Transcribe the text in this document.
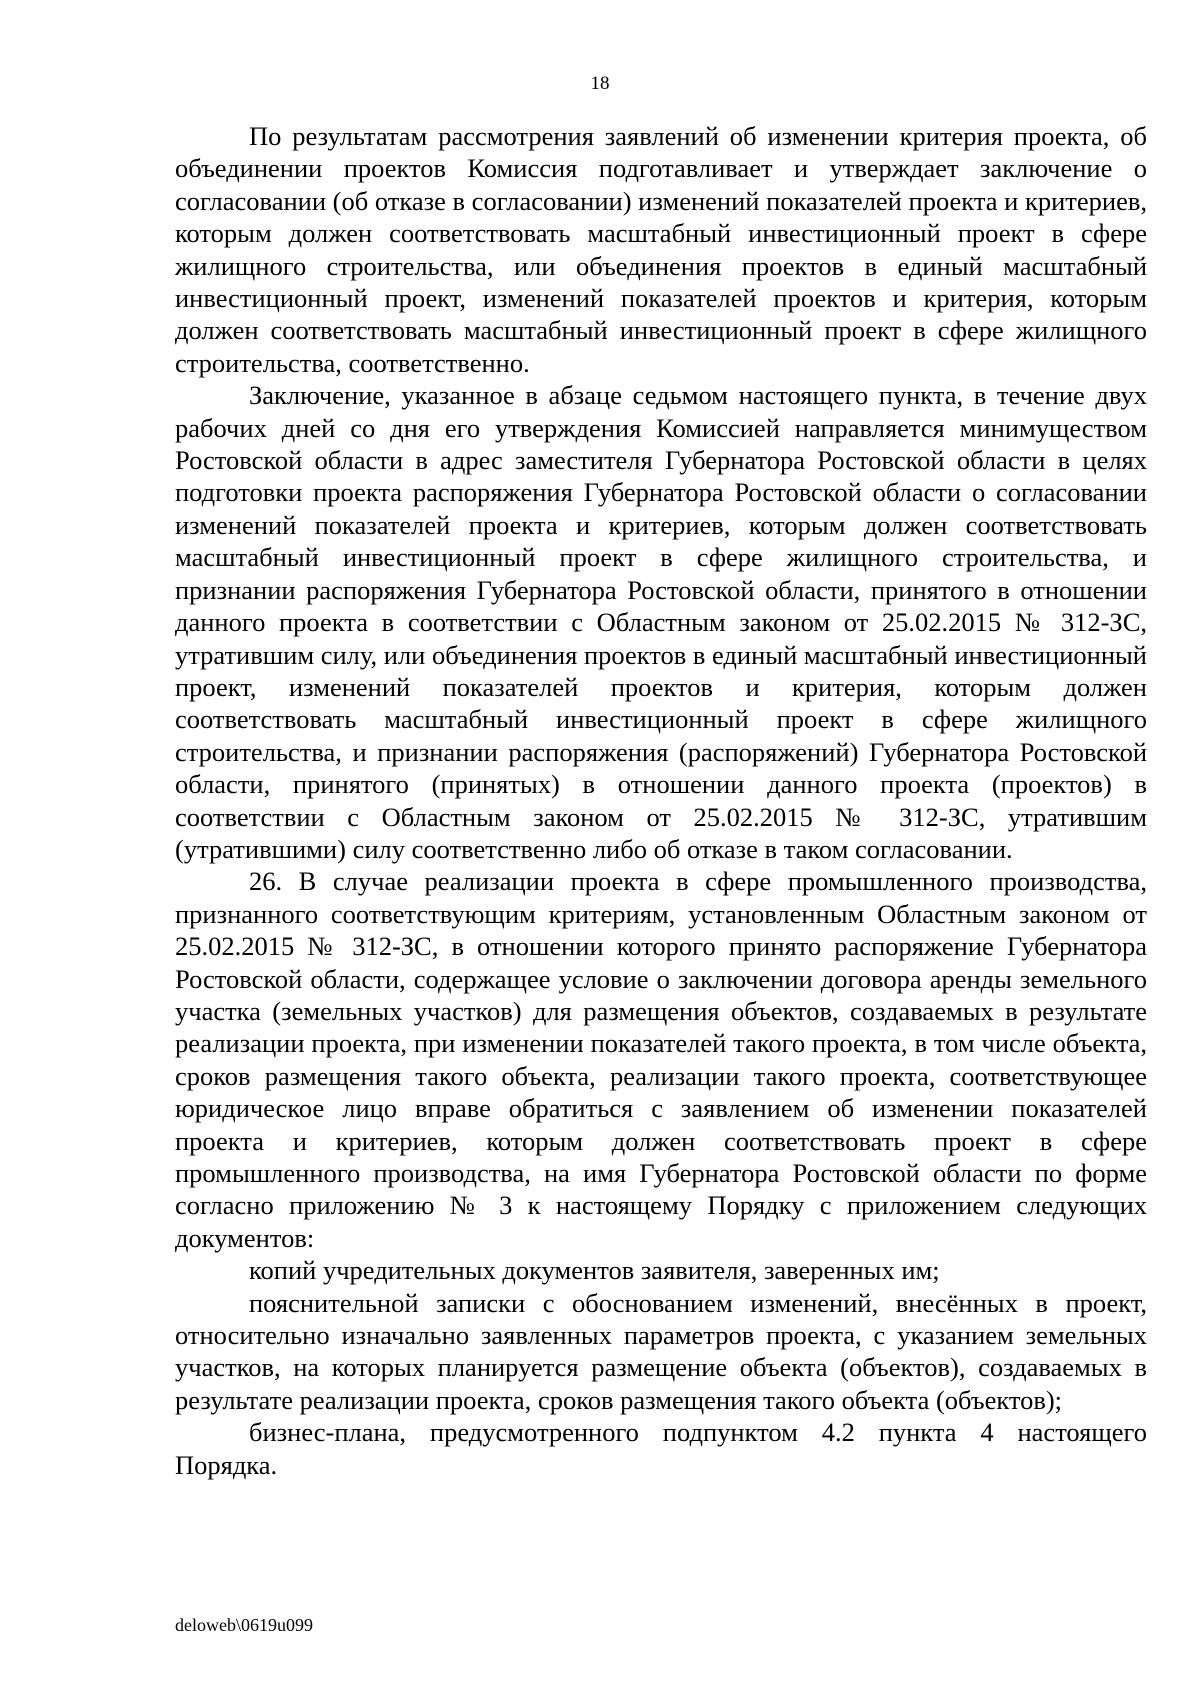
18

По результатам рассмотрения заявлений об изменении критерия проекта, об объединении проектов Комиссия подготавливает и утверждает заключение о согласовании (об отказе в согласовании) изменений показателей проекта и критериев, которым должен соответствовать масштабный инвестиционный проект в сфере жилищного строительства, или объединения проектов в единый масштабный инвестиционный проект, изменений показателей проектов и критерия, которым должен соответствовать масштабный инвестиционный проект в сфере жилищного строительства, соответственно.

Заключение, указанное в абзаце седьмом настоящего пункта, в течение двух рабочих дней со дня его утверждения Комиссией направляется минимуществом Ростовской области в адрес заместителя Губернатора Ростовской области в целях подготовки проекта распоряжения Губернатора Ростовской области о согласовании изменений показателей проекта и критериев, которым должен соответствовать масштабный инвестиционный проект в сфере жилищного строительства, и признании распоряжения Губернатора Ростовской области, принятого в отношении данного проекта в соответствии с Областным законом от 25.02.2015 № 312-ЗС, утратившим силу, или объединения проектов в единый масштабный инвестиционный проект, изменений показателей проектов и критерия, которым должен соответствовать масштабный инвестиционный проект в сфере жилищного строительства, и признании распоряжения (распоряжений) Губернатора Ростовской области, принятого (принятых) в отношении данного проекта (проектов) в соответствии с Областным законом от 25.02.2015 № 312-ЗС, утратившим (утратившими) силу соответственно либо об отказе в таком согласовании.

26. В случае реализации проекта в сфере промышленного производства, признанного соответствующим критериям, установленным Областным законом от 25.02.2015 № 312-ЗС, в отношении которого принято распоряжение Губернатора Ростовской области, содержащее условие о заключении договора аренды земельного участка (земельных участков) для размещения объектов, создаваемых в результате реализации проекта, при изменении показателей такого проекта, в том числе объекта, сроков размещения такого объекта, реализации такого проекта, соответствующее юридическое лицо вправе обратиться с заявлением об изменении показателей проекта и критериев, которым должен соответствовать проект в сфере промышленного производства, на имя Губернатора Ростовской области по форме согласно приложению № 3 к настоящему Порядку с приложением следующих документов:

копий учредительных документов заявителя, заверенных им;

пояснительной записки с обоснованием изменений, внесённых в проект, относительно изначально заявленных параметров проекта, с указанием земельных участков, на которых планируется размещение объекта (объектов), создаваемых в результате реализации проекта, сроков размещения такого объекта (объектов);

бизнес-плана, предусмотренного подпунктом 4.2 пункта 4 настоящего Порядка.

deloweb\0619u099
